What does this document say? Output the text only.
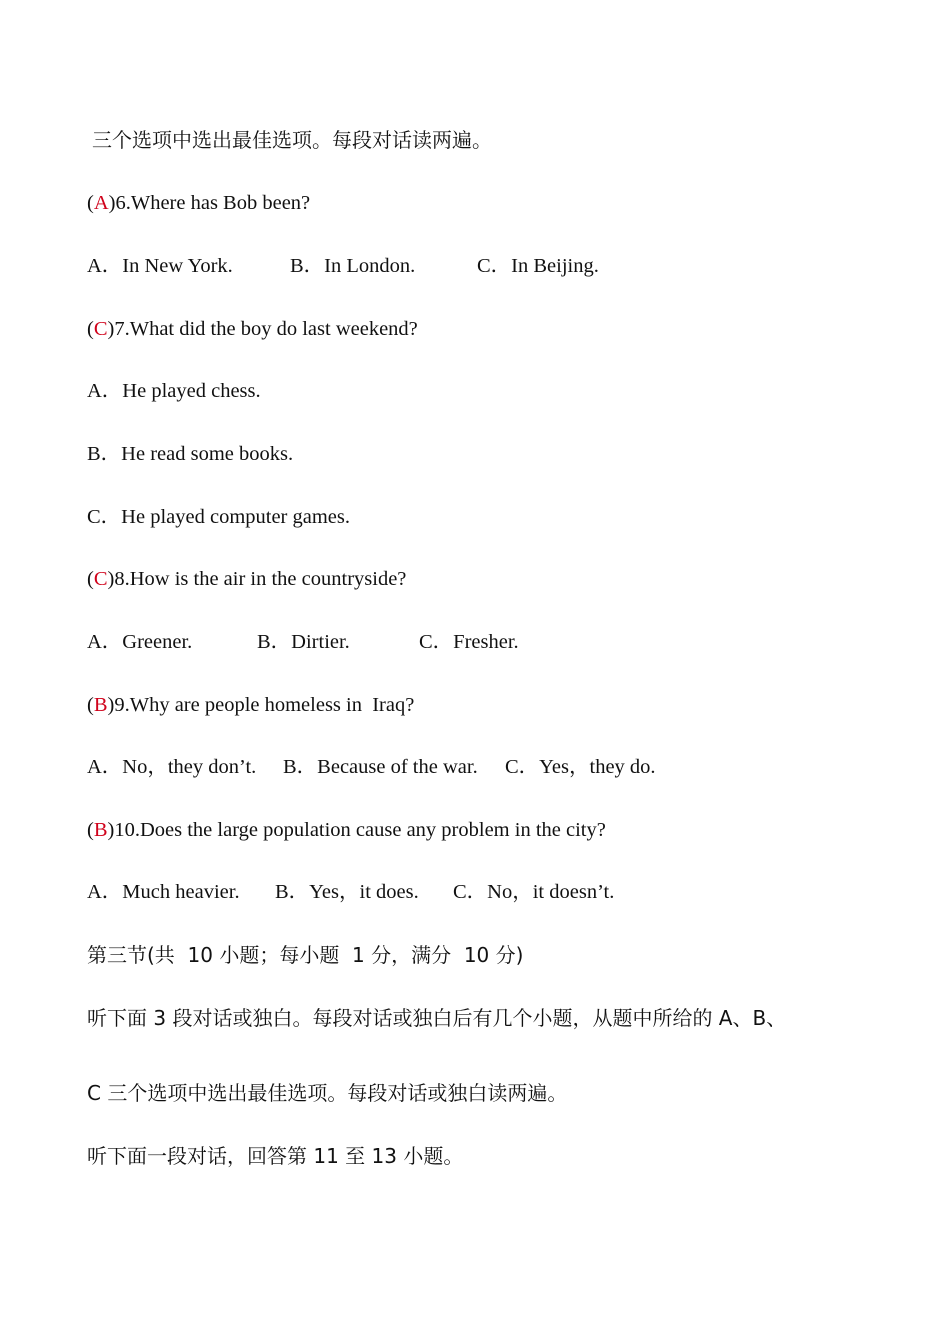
三个选项中选出最佳选项。每段对话读两遍。
(A)6.Where has Bob been?

A．In New York.

	B．In London.

	C．In Beijing.

(C)7.What did the boy do last weekend?
A．He played chess.
B．He read some books.
C．He played computer games.
(C)8.How is the air in the countryside?

A．Greener.

	B．Dirtier.

	C．Fresher.

(B)9.Why are people homeless in  Iraq?

A．No，they don’t.

B．Because of the war.

C．Yes，they do.

(B)10.Does the large population cause any problem in the city?

A．Much heavier.

B．Yes，it does.

C．No，it doesn’t.

第三节(共  10 小题；每小题  1 分，满分  10 分)
听下面 3 段对话或独白。每段对话或独白后有几个小题，从题中所给的 A、B、
C 三个选项中选出最佳选项。每段对话或独白读两遍。
听下面一段对话，回答第 11 至 13 小题。
